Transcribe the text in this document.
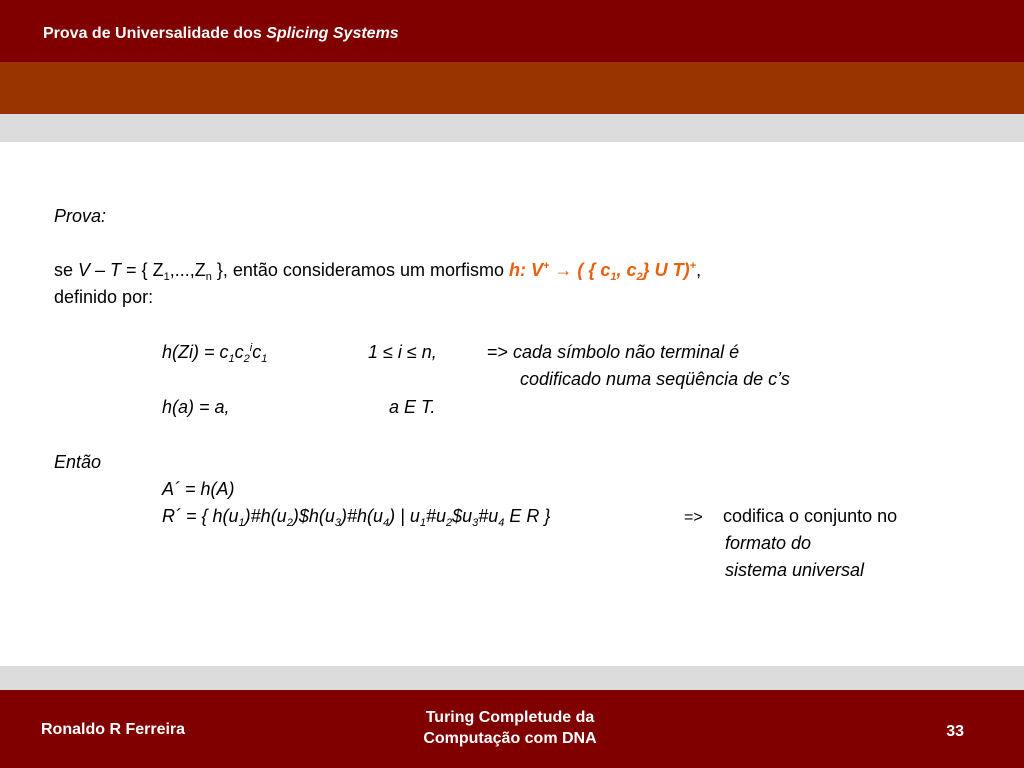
Prova de Universalidade dos Splicing Systems
Prova:
se V – T = { $Z_1,...,Z_n$ }, então consideramos um morfismo h: V+ → ( { $c_1$, $c_2$} U T)+,
definido por:
$h(Zi) = c_1c_2^ic_1$	1 ≤ i ≤ n,	=> cada símbolo não terminal é
codificado numa seqüência de c’s
h(a) = a,	a E T.
Então
A´ = h(A)
R´ = { $h(u_1)\#h(u_2)\$h(u_3)\#h(u_4)$ | $u_1\#u_2\$u_3\#u_4$ E R }	=> codifica o conjunto no
formato do
sistema universal
Ronaldo R Ferreira
Turing Completude da
Computação com DNA	33
